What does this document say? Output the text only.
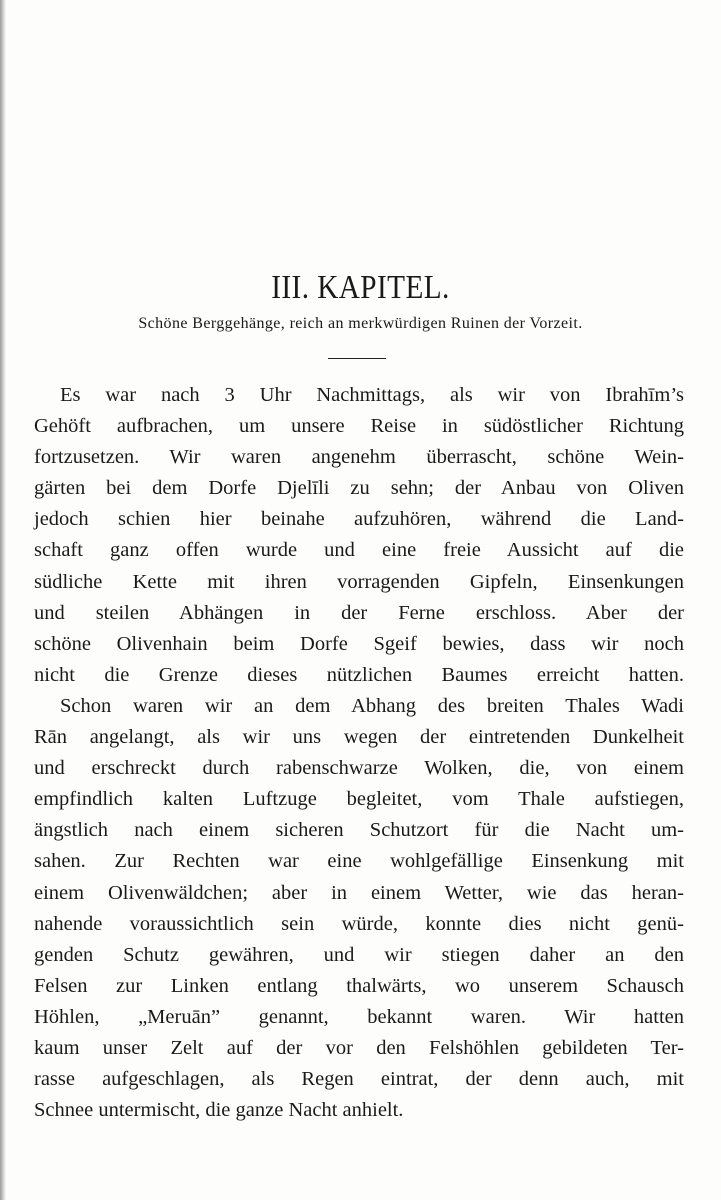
III. KAPITEL.
Schöne Berggehänge, reich an merkwürdigen Ruinen der Vorzeit.
Es war nach 3 Uhr Nachmittags, als wir von Ibrahīm’s
Gehöft aufbrachen, um unsere Reise in südöstlicher Richtung
fortzusetzen. Wir waren angenehm überrascht, schöne Wein-
gärten bei dem Dorfe Djelīli zu sehn; der Anbau von Oliven
jedoch schien hier beinahe aufzuhören, während die Land-
schaft ganz offen wurde und eine freie Aussicht auf die
südliche Kette mit ihren vorragenden Gipfeln, Einsenkungen
und steilen Abhängen in der Ferne erschloss. Aber der
schöne Olivenhain beim Dorfe Sgeif bewies, dass wir noch
nicht die Grenze dieses nützlichen Baumes erreicht hatten.
Schon waren wir an dem Abhang des breiten Thales Wadi
Rān angelangt, als wir uns wegen der eintretenden Dunkelheit
und erschreckt durch rabenschwarze Wolken, die, von einem
empfindlich kalten Luftzuge begleitet, vom Thale aufstiegen,
ängstlich nach einem sicheren Schutzort für die Nacht um-
sahen. Zur Rechten war eine wohlgefällige Einsenkung mit
einem Olivenwäldchen; aber in einem Wetter, wie das heran-
nahende voraussichtlich sein würde, konnte dies nicht genü-
genden Schutz gewähren, und wir stiegen daher an den
Felsen zur Linken entlang thalwärts, wo unserem Schausch
Höhlen, „Meruān” genannt, bekannt waren. Wir hatten
kaum unser Zelt auf der vor den Felshöhlen gebildeten Ter-
rasse aufgeschlagen, als Regen eintrat, der denn auch, mit
Schnee untermischt, die ganze Nacht anhielt.
